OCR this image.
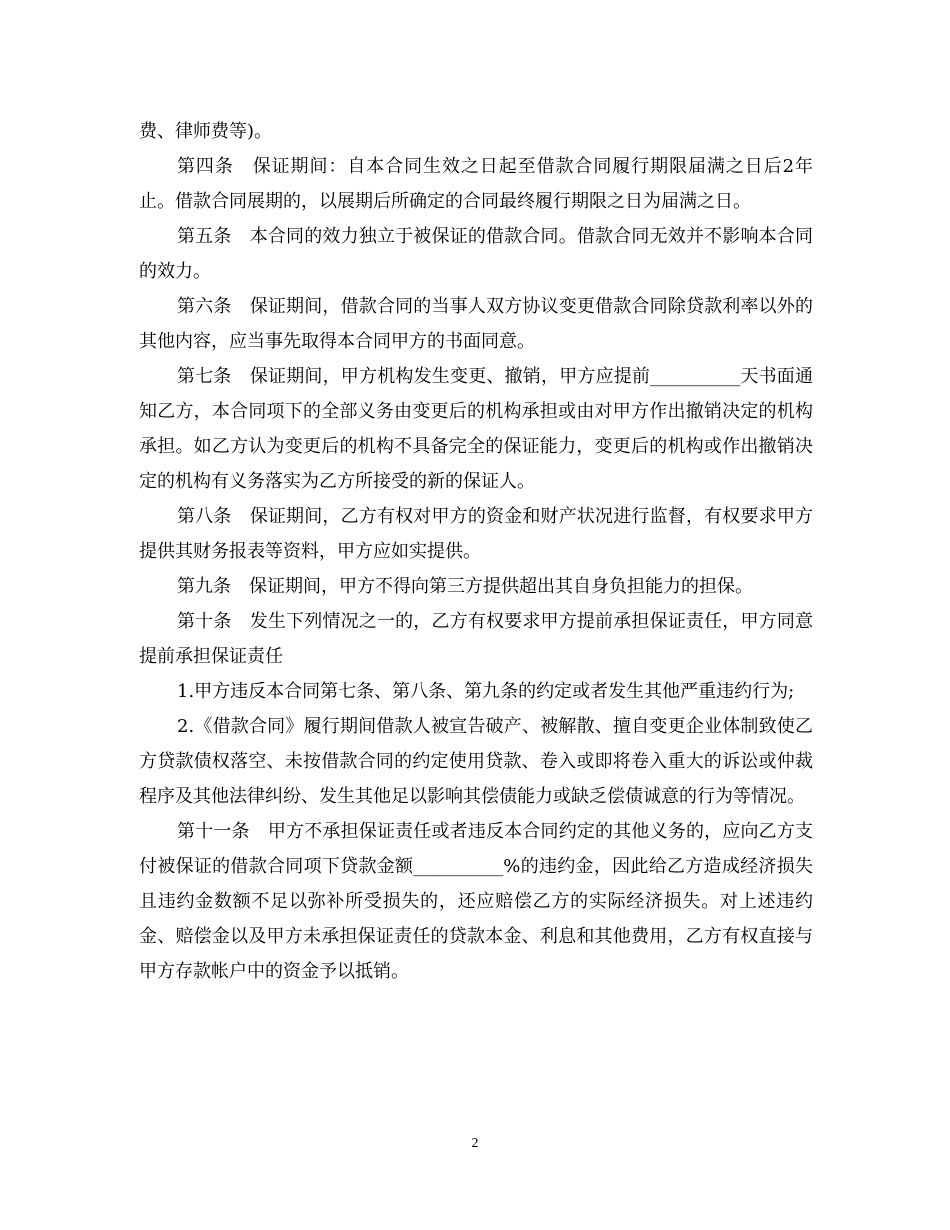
费、律师费等)。

第四条　保证期间：自本合同生效之日起至借款合同履行期限届满之日后2年止。借款合同展期的，以展期后所确定的合同最终履行期限之日为届满之日。

第五条　本合同的效力独立于被保证的借款合同。借款合同无效并不影响本合同的效力。

第六条　保证期间，借款合同的当事人双方协议变更借款合同除贷款利率以外的其他内容，应当事先取得本合同甲方的书面同意。

第七条　保证期间，甲方机构发生变更、撤销，甲方应提前__________天书面通知乙方，本合同项下的全部义务由变更后的机构承担或由对甲方作出撤销决定的机构承担。如乙方认为变更后的机构不具备完全的保证能力，变更后的机构或作出撤销决定的机构有义务落实为乙方所接受的新的保证人。

第八条　保证期间，乙方有权对甲方的资金和财产状况进行监督，有权要求甲方提供其财务报表等资料，甲方应如实提供。

第九条　保证期间，甲方不得向第三方提供超出其自身负担能力的担保。

第十条　发生下列情况之一的，乙方有权要求甲方提前承担保证责任，甲方同意提前承担保证责任

1.甲方违反本合同第七条、第八条、第九条的约定或者发生其他严重违约行为;

2.《借款合同》履行期间借款人被宣告破产、被解散、擅自变更企业体制致使乙方贷款债权落空、未按借款合同的约定使用贷款、卷入或即将卷入重大的诉讼或仲裁程序及其他法律纠纷、发生其他足以影响其偿债能力或缺乏偿债诚意的行为等情况。

第十一条　甲方不承担保证责任或者违反本合同约定的其他义务的，应向乙方支付被保证的借款合同项下贷款金额__________%的违约金，因此给乙方造成经济损失且违约金数额不足以弥补所受损失的，还应赔偿乙方的实际经济损失。对上述违约金、赔偿金以及甲方未承担保证责任的贷款本金、利息和其他费用，乙方有权直接与甲方存款帐户中的资金予以抵销。

2
